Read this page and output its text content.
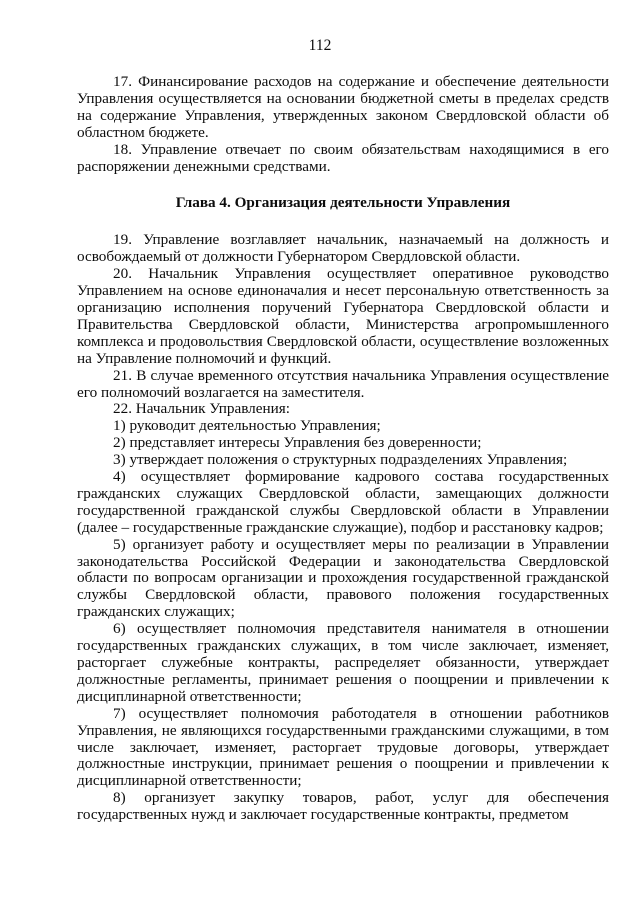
112

17. Финансирование расходов на содержание и обеспечение деятельности Управления осуществляется на основании бюджетной сметы в пределах средств на содержание Управления, утвержденных законом Свердловской области об областном бюджете.

18. Управление отвечает по своим обязательствам находящимися в его распоряжении денежными средствами.

Глава 4. Организация деятельности Управления

19. Управление возглавляет начальник, назначаемый на должность и освобождаемый от должности Губернатором Свердловской области.

20. Начальник Управления осуществляет оперативное руководство Управлением на основе единоначалия и несет персональную ответственность за организацию исполнения поручений Губернатора Свердловской области и Правительства Свердловской области, Министерства агропромышленного комплекса и продовольствия Свердловской области, осуществление возложенных на Управление полномочий и функций.

21. В случае временного отсутствия начальника Управления осуществление его полномочий возлагается на заместителя.

22. Начальник Управления:

1) руководит деятельностью Управления;

2) представляет интересы Управления без доверенности;

3) утверждает положения о структурных подразделениях Управления;

4) осуществляет формирование кадрового состава государственных гражданских служащих Свердловской области, замещающих должности государственной гражданской службы Свердловской области в Управлении (далее – государственные гражданские служащие), подбор и расстановку кадров;

5) организует работу и осуществляет меры по реализации в Управлении законодательства Российской Федерации и законодательства Свердловской области по вопросам организации и прохождения государственной гражданской службы Свердловской области, правового положения государственных гражданских служащих;

6) осуществляет полномочия представителя нанимателя в отношении государственных гражданских служащих, в том числе заключает, изменяет, расторгает служебные контракты, распределяет обязанности, утверждает должностные регламенты, принимает решения о поощрении и привлечении к дисциплинарной ответственности;

7) осуществляет полномочия работодателя в отношении работников Управления, не являющихся государственными гражданскими служащими, в том числе заключает, изменяет, расторгает трудовые договоры, утверждает должностные инструкции, принимает решения о поощрении и привлечении к дисциплинарной ответственности;

8) организует закупку товаров, работ, услуг для обеспечения государственных нужд и заключает государственные контракты, предметом
